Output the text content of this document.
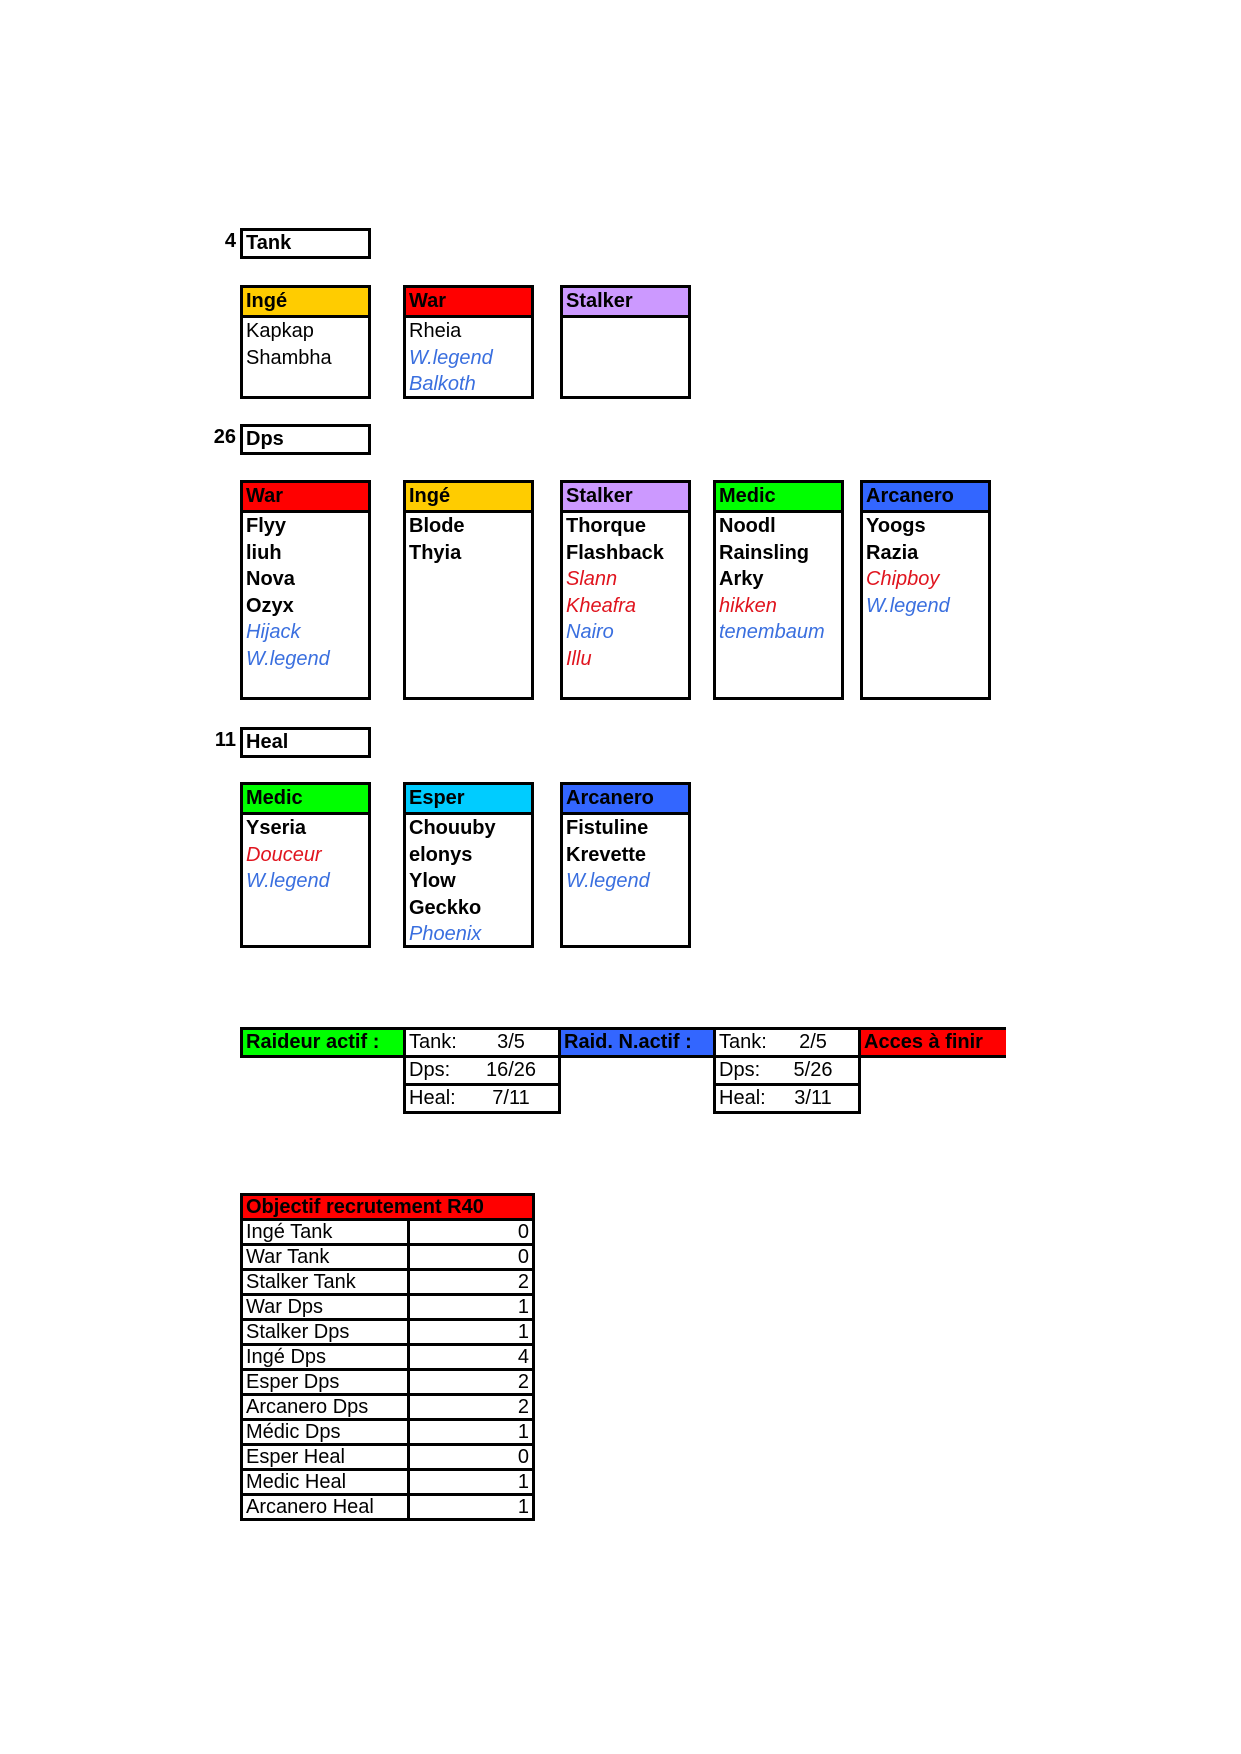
4 Tank
Ingé
Kapkap
Shambha
War
Rheia
W.legend
Balkoth
Stalker
26 Dps
War
Flyy
liuh
Nova
Ozyx
Hijack
W.legend
Ingé
Blode
Thyia
Stalker
Thorque
Flashback
Slann
Kheafra
Nairo
Illu
Medic
Noodl
Rainsling
Arky
hikken
tenembaum
Arcanero
Yoogs
Razia
Chipboy
W.legend
11 Heal
Medic
Yseria
Douceur
W.legend
Esper
Chouuby
elonys
Ylow
Geckko
Phoenix
Arcanero
Fistuline
Krevette
W.legend
Raideur actif :	Tank:	3/5
Dps:	16/26
Heal:	7/11
Raid. N.actif :	Tank:	2/5
Dps:	5/26
Heal:	3/11
Acces à finir
Objectif recrutement R40	
Ingé Tank	0
War Tank	0
Stalker Tank	2
War Dps	1
Stalker Dps	1
Ingé Dps	4
Esper Dps	2
Arcanero Dps	2
Médic Dps	1
Esper Heal	0
Medic Heal	1
Arcanero Heal	1
